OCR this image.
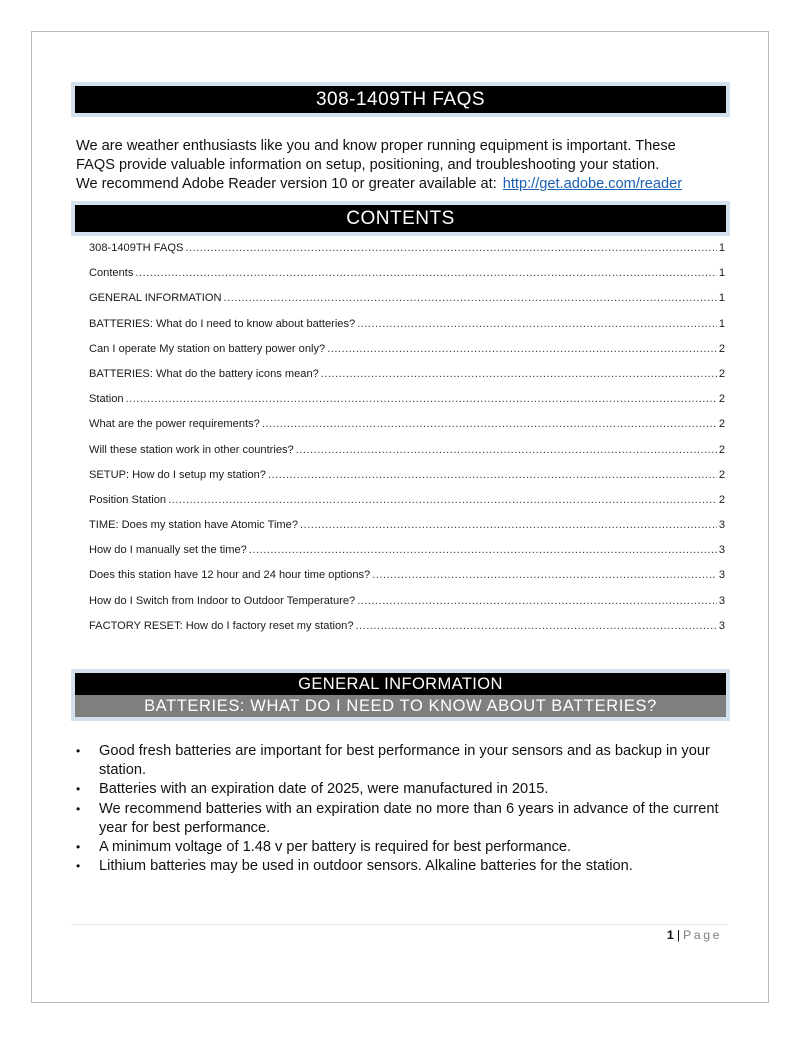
308-1409TH FAQS
We are weather enthusiasts like you and know proper running equipment is important. These
FAQS provide valuable information on setup, positioning, and troubleshooting your station.
We recommend Adobe Reader version 10 or greater available at: http://get.adobe.com/reader
CONTENTS
308-1409TH FAQS .....	1
Contents .....	1
GENERAL INFORMATION .....	1
BATTERIES: What do I need to know about batteries? .....	1
Can I operate My station on battery power only? .....	2
BATTERIES: What do the battery icons mean? .....	2
Station .....	2
What are the power requirements? .....	2
Will these station work in other countries? .....	2
SETUP: How do I setup my station? .....	2
Position Station .....	2
TIME: Does my station have Atomic Time? .....	3
How do I manually set the time? .....	3
Does this station have 12 hour and 24 hour time options? .....	3
How do I Switch from Indoor to Outdoor Temperature? .....	3
FACTORY RESET: How do I factory reset my station? .....	3
GENERAL INFORMATION
BATTERIES: WHAT DO I NEED TO KNOW ABOUT BATTERIES?
• Good fresh batteries are important for best performance in your sensors and as backup in your station.
• Batteries with an expiration date of 2025, were manufactured in 2015.
• We recommend batteries with an expiration date no more than 6 years in advance of the current year for best performance.
• A minimum voltage of 1.48 v per battery is required for best performance.
• Lithium batteries may be used in outdoor sensors. Alkaline batteries for the station.
1 | Page
